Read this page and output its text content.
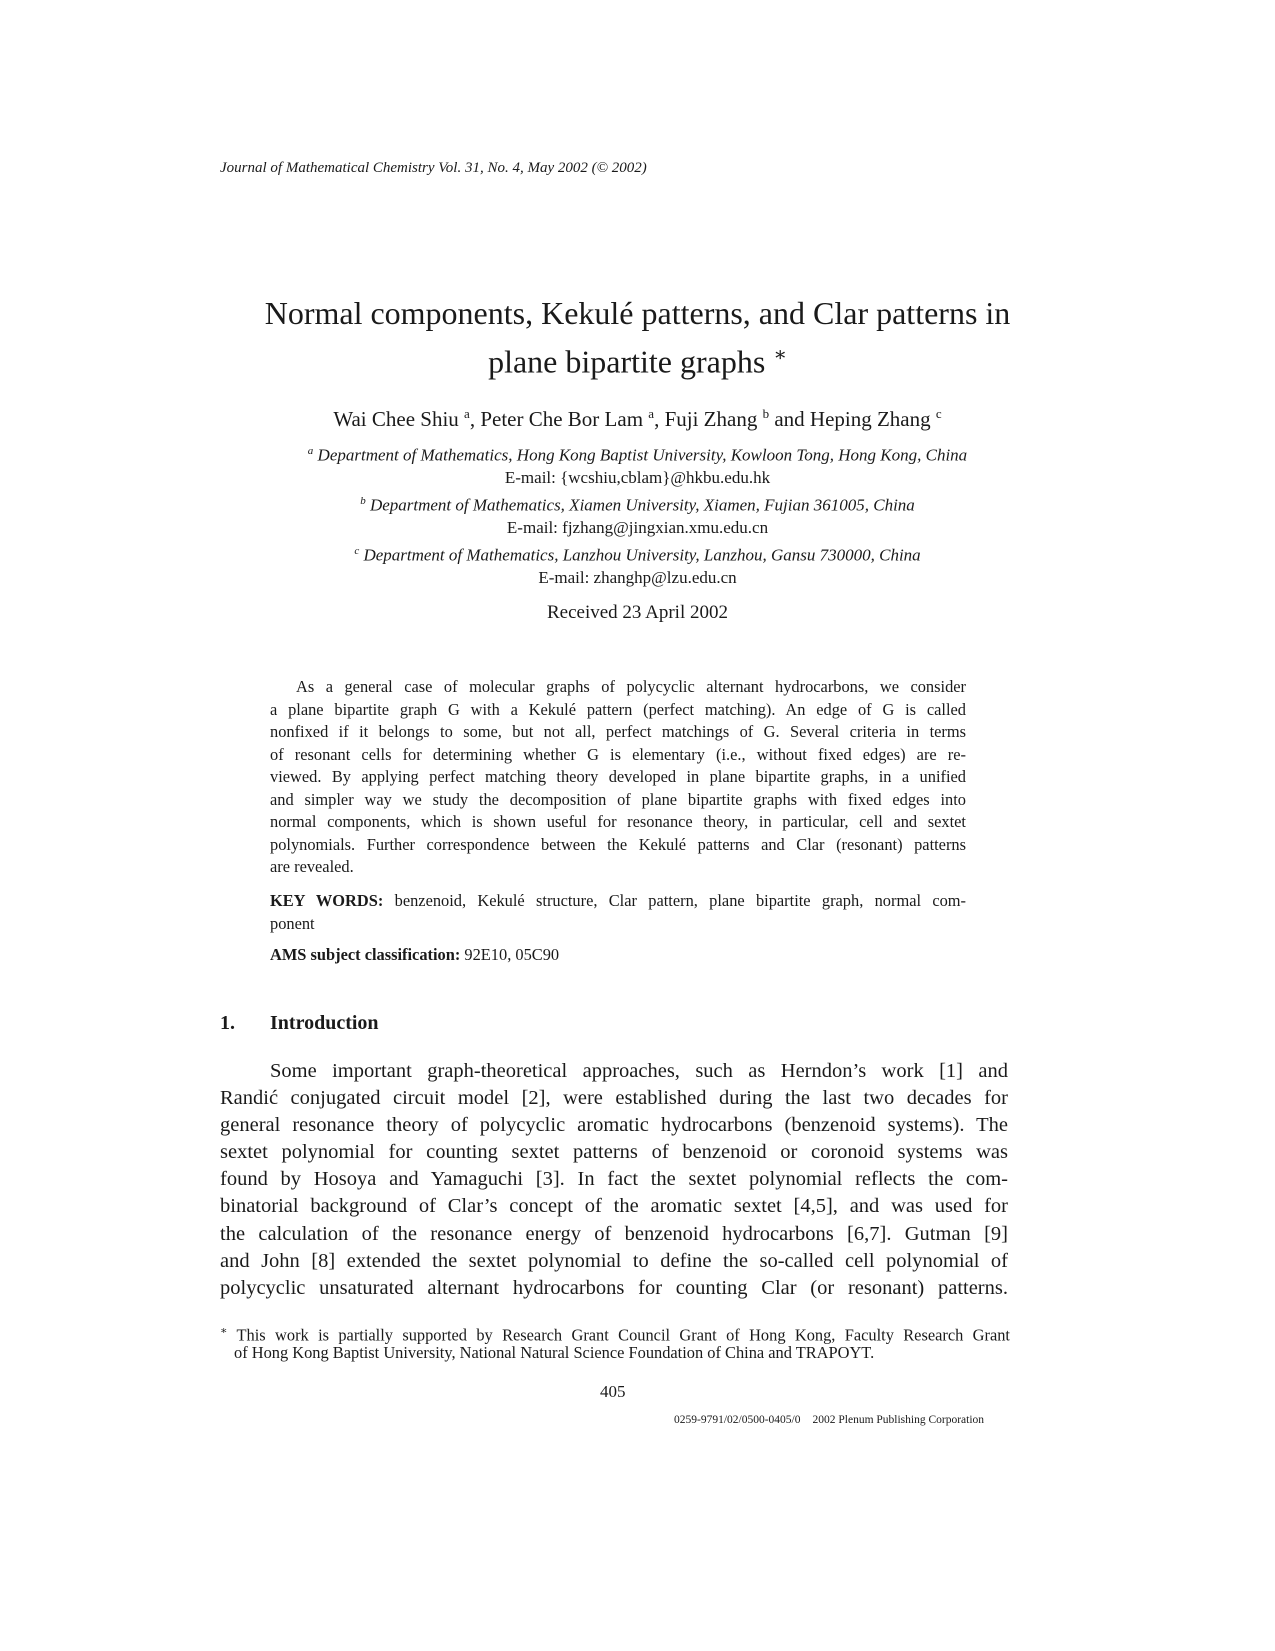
Journal of Mathematical Chemistry Vol. 31, No. 4, May 2002 (© 2002)
Normal components, Kekulé patterns, and Clar patterns in
plane bipartite graphs ∗
Wai Chee Shiu $^a$, Peter Che Bor Lam $^a$, Fuji Zhang $^b$ and Heping Zhang $^c$
$^a$ Department of Mathematics, Hong Kong Baptist University, Kowloon Tong, Hong Kong, China
E-mail: {wcshiu,cblam}@hkbu.edu.hk
$^b$ Department of Mathematics, Xiamen University, Xiamen, Fujian 361005, China
E-mail: fjzhang@jingxian.xmu.edu.cn
$^c$ Department of Mathematics, Lanzhou University, Lanzhou, Gansu 730000, China
E-mail: zhanghp@lzu.edu.cn
Received 23 April 2002
As a general case of molecular graphs of polycyclic alternant hydrocarbons, we consider
a plane bipartite graph G with a Kekulé pattern (perfect matching). An edge of G is called
nonfixed if it belongs to some, but not all, perfect matchings of G. Several criteria in terms
of resonant cells for determining whether G is elementary (i.e., without fixed edges) are re-
viewed. By applying perfect matching theory developed in plane bipartite graphs, in a unified
and simpler way we study the decomposition of plane bipartite graphs with fixed edges into
normal components, which is shown useful for resonance theory, in particular, cell and sextet
polynomials. Further correspondence between the Kekulé patterns and Clar (resonant) patterns
are revealed.
KEY WORDS: benzenoid, Kekulé structure, Clar pattern, plane bipartite graph, normal com-
ponent
AMS subject classification: 92E10, 05C90
1. Introduction
Some important graph-theoretical approaches, such as Herndon’s work [1] and
Randić conjugated circuit model [2], were established during the last two decades for
general resonance theory of polycyclic aromatic hydrocarbons (benzenoid systems). The
sextet polynomial for counting sextet patterns of benzenoid or coronoid systems was
found by Hosoya and Yamaguchi [3]. In fact the sextet polynomial reflects the com-
binatorial background of Clar’s concept of the aromatic sextet [4,5], and was used for
the calculation of the resonance energy of benzenoid hydrocarbons [6,7]. Gutman [9]
and John [8] extended the sextet polynomial to define the so-called cell polynomial of
polycyclic unsaturated alternant hydrocarbons for counting Clar (or resonant) patterns.
∗ This work is partially supported by Research Grant Council Grant of Hong Kong, Faculty Research Grant
of Hong Kong Baptist University, National Natural Science Foundation of China and TRAPOYT.
405
0259-9791/02/0500-0405/0 2002 Plenum Publishing Corporation
